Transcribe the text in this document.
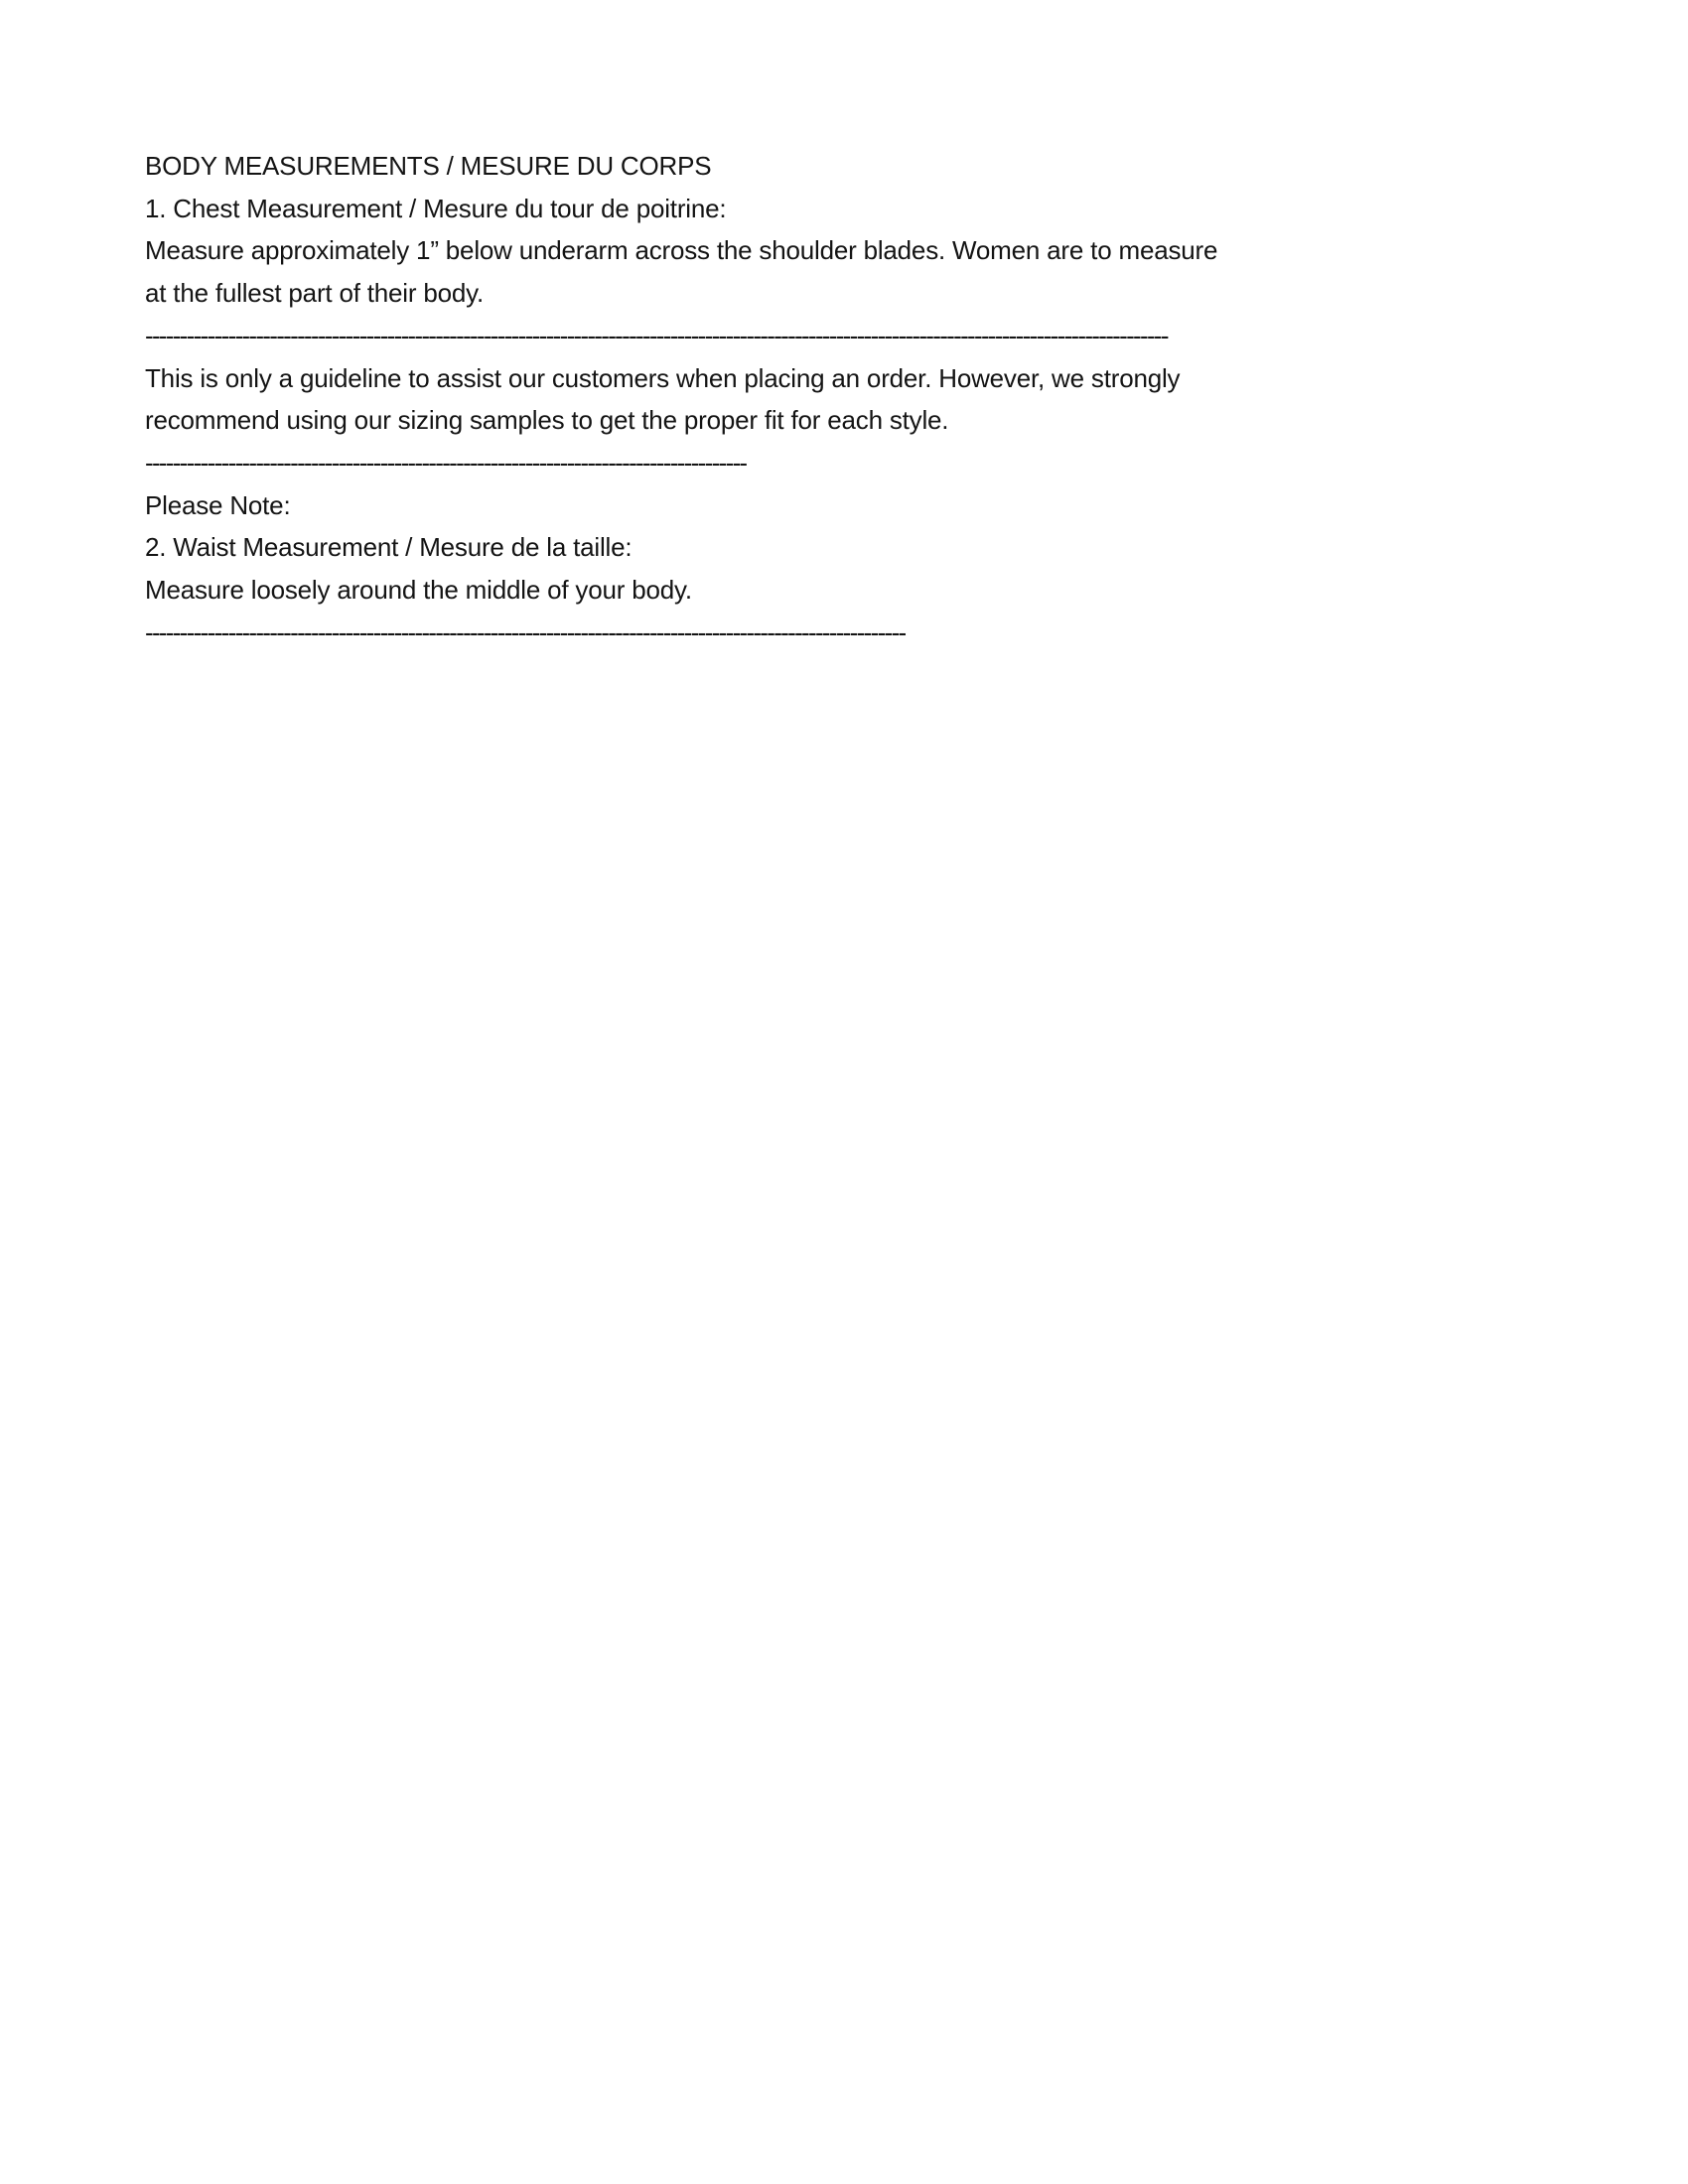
BODY MEASUREMENTS / MESURE DU CORPS
1. Chest Measurement / Mesure du tour de poitrine:
Measure approximately 1” below underarm across the shoulder blades. Women are to measure
at the fullest part of their body.
----------------------------------------------------------------------------------------------------------------------------------------------------
This is only a guideline to assist our customers when placing an order. However, we strongly
recommend using our sizing samples to get the proper fit for each style.
---------------------------------------------------------------------------------------
Please Note:
2. Waist Measurement / Mesure de la taille:
Measure loosely around the middle of your body.
--------------------------------------------------------------------------------------------------------------
